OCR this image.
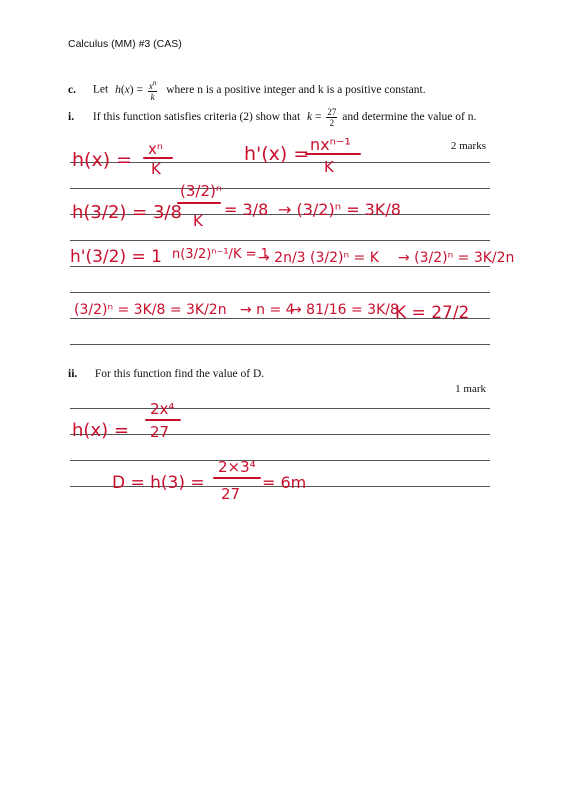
Calculus (MM) #3 (CAS)
c. Let $h(x) = \frac{x^n}{k}$ where n is a positive integer and k is a positive constant.
i. If this function satisfies criteria (2) show that $k = \frac{27}{2}$ and determine the value of n.
2 marks
ii. For this function find the value of D.
1 mark
h(x) = xⁿ
K
h'(x) = nxⁿ⁻¹
K
h(3/2) = 3/8
(3/2)ⁿ
K
= 3/8 → (3/2)ⁿ = 3K/8
h'(3/2) = 1 n(3/2)ⁿ⁻¹/K = 1
→ 2n/3 (3/2)ⁿ = K → (3/2)ⁿ = 3K/2n
(3/2)ⁿ = 3K/8 = 3K/2n → n = 4
→ 81/16 = 3K/8
K = 27/2
h(x) =
2x⁴
27
D = h(3) =
2×3⁴
27
= 6m
